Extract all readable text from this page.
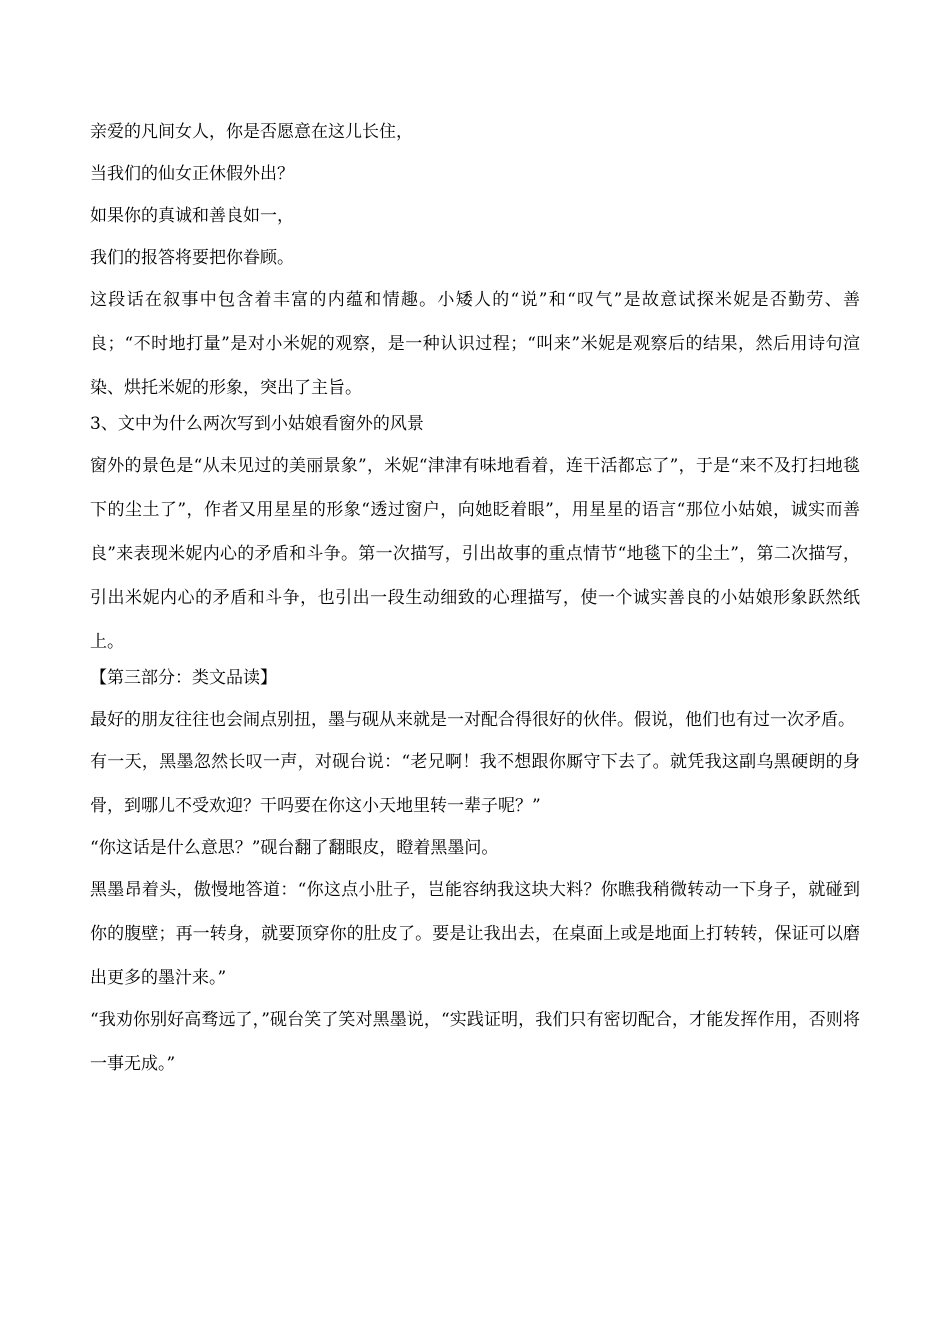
亲爱的凡间女人，你是否愿意在这儿长住，

当我们的仙女正休假外出？

如果你的真诚和善良如一，

我们的报答将要把你眷顾。

这段话在叙事中包含着丰富的内蕴和情趣。小矮人的“说”和“叹气”是故意试探米妮是否勤劳、善良；“不时地打量”是对小米妮的观察，是一种认识过程；“叫来”米妮是观察后的结果，然后用诗句渲染、烘托米妮的形象，突出了主旨。

3、文中为什么两次写到小姑娘看窗外的风景

窗外的景色是“从未见过的美丽景象”，米妮“津津有味地看着，连干活都忘了”，于是“来不及打扫地毯下的尘土了”，作者又用星星的形象“透过窗户，向她眨着眼”，用星星的语言“那位小姑娘，诚实而善良”来表现米妮内心的矛盾和斗争。第一次描写，引出故事的重点情节“地毯下的尘土”，第二次描写，引出米妮内心的矛盾和斗争，也引出一段生动细致的心理描写，使一个诚实善良的小姑娘形象跃然纸上。

【第三部分：类文品读】

最好的朋友往往也会闹点别扭，墨与砚从来就是一对配合得很好的伙伴。假说，他们也有过一次矛盾。

有一天，黑墨忽然长叹一声，对砚台说：“老兄啊！我不想跟你厮守下去了。就凭我这副乌黑硬朗的身骨，到哪儿不受欢迎？干吗要在你这小天地里转一辈子呢？”

“你这话是什么意思？”砚台翻了翻眼皮，瞪着黑墨问。

黑墨昂着头，傲慢地答道：“你这点小肚子，岂能容纳我这块大料？你瞧我稍微转动一下身子，就碰到你的腹壁；再一转身，就要顶穿你的肚皮了。要是让我出去，在桌面上或是地面上打转转，保证可以磨出更多的墨汁来。”

“我劝你别好高骛远了，”砚台笑了笑对黑墨说，“实践证明，我们只有密切配合，才能发挥作用，否则将一事无成。”
